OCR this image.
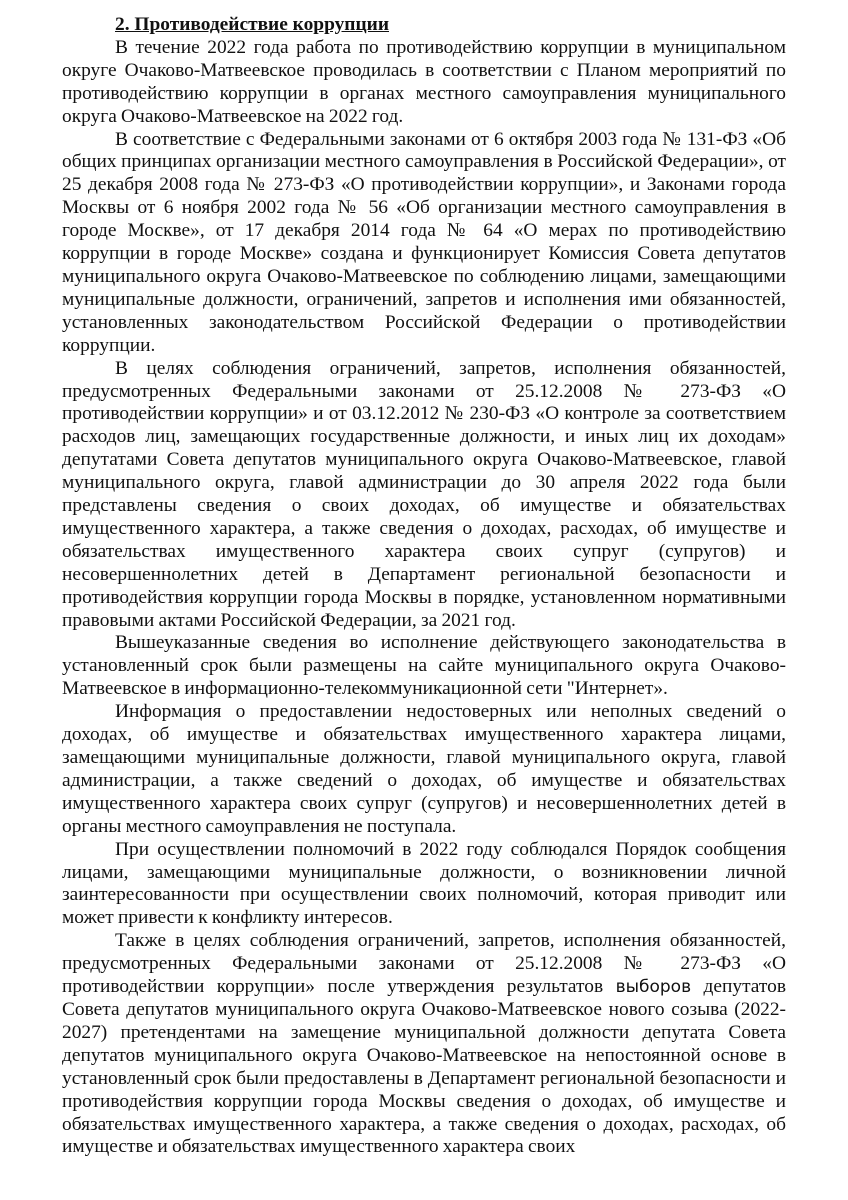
2. Противодействие коррупции

В течение 2022 года работа по противодействию коррупции в муниципальном округе Очаково-Матвеевское проводилась в соответствии с Планом мероприятий по противодействию коррупции в органах местного самоуправления муниципального округа Очаково-Матвеевское на 2022 год.

В соответствие с Федеральными законами от 6 октября 2003 года № 131-ФЗ «Об общих принципах организации местного самоуправления в Российской Федерации», от 25 декабря 2008 года № 273-ФЗ «О противодействии коррупции», и Законами города Москвы от 6 ноября 2002 года № 56 «Об организации местного самоуправления в городе Москве», от 17 декабря 2014 года № 64 «О мерах по противодействию коррупции в городе Москве» создана и функционирует Комиссия Совета депутатов муниципального округа Очаково-Матвеевское по соблюдению лицами, замещающими муниципальные должности, ограничений, запретов и исполнения ими обязанностей, установленных законодательством Российской Федерации о противодействии коррупции.

В целях соблюдения ограничений, запретов, исполнения обязанностей, предусмотренных Федеральными законами от 25.12.2008 № 273-ФЗ «О противодействии коррупции» и от 03.12.2012 № 230-ФЗ «О контроле за соответствием расходов лиц, замещающих государственные должности, и иных лиц их доходам» депутатами Совета депутатов муниципального округа Очаково-Матвеевское, главой муниципального округа, главой администрации до 30 апреля 2022 года были представлены сведения о своих доходах, об имуществе и обязательствах имущественного характера, а также сведения о доходах, расходах, об имуществе и обязательствах имущественного характера своих супруг (супругов) и несовершеннолетних детей в Департамент региональной безопасности и противодействия коррупции города Москвы в порядке, установленном нормативными правовыми актами Российской Федерации, за 2021 год.

Вышеуказанные сведения во исполнение действующего законодательства в установленный срок были размещены на сайте муниципального округа Очаково-Матвеевское в информационно-телекоммуникационной сети "Интернет».

Информация о предоставлении недостоверных или неполных сведений о доходах, об имуществе и обязательствах имущественного характера лицами, замещающими муниципальные должности, главой муниципального округа, главой администрации, а также сведений о доходах, об имуществе и обязательствах имущественного характера своих супруг (супругов) и несовершеннолетних детей в органы местного самоуправления не поступала.

При осуществлении полномочий в 2022 году соблюдался Порядок сообщения лицами, замещающими муниципальные должности, о возникновении личной заинтересованности при осуществлении своих полномочий, которая приводит или может привести к конфликту интересов.

Также в целях соблюдения ограничений, запретов, исполнения обязанностей, предусмотренных Федеральными законами от 25.12.2008 № 273-ФЗ «О противодействии коррупции» после утверждения результатов выборов депутатов Совета депутатов муниципального округа Очаково-Матвеевское нового созыва (2022-2027) претендентами на замещение муниципальной должности депутата Совета депутатов муниципального округа Очаково-Матвеевское на непостоянной основе в установленный срок были предоставлены в Департамент региональной безопасности и противодействия коррупции города Москвы сведения о доходах, об имуществе и обязательствах имущественного характера, а также сведения о доходах, расходах, об имуществе и обязательствах имущественного характера своих
